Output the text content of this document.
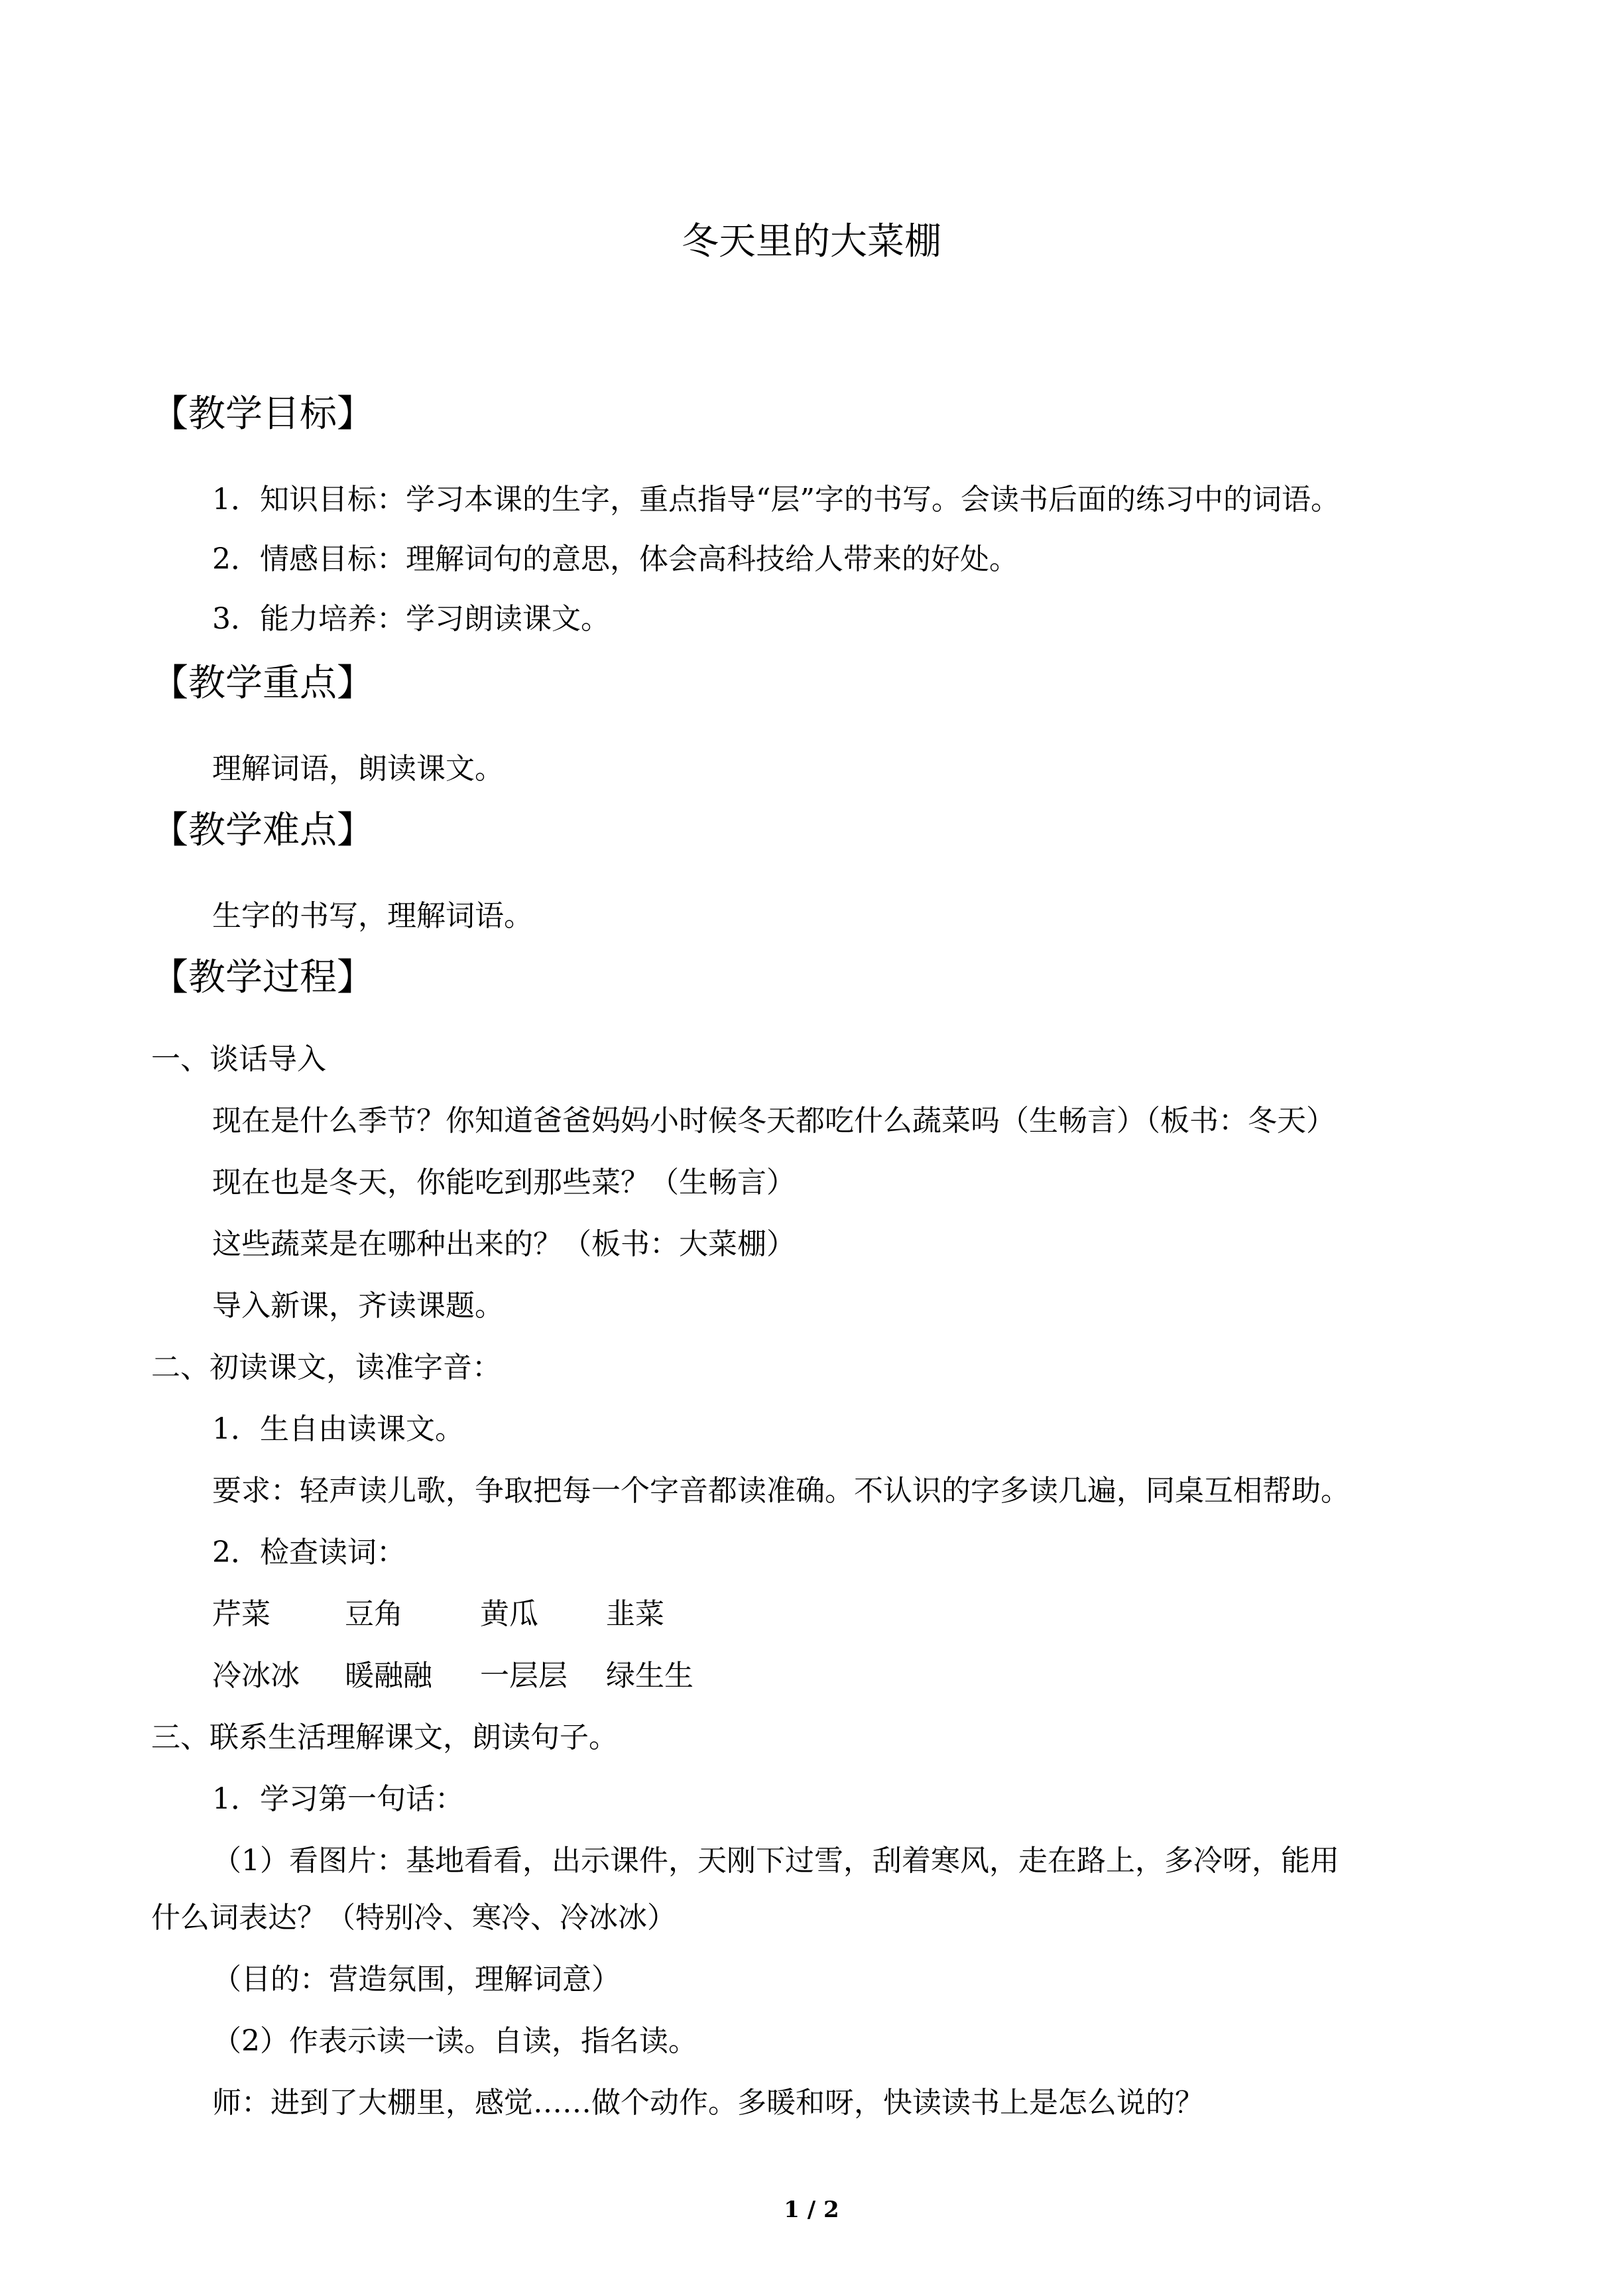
冬天里的大菜棚
【教学目标】
1．知识目标：学习本课的生字，重点指导“层”字的书写。会读书后面的练习中的词语。
2．情感目标：理解词句的意思，体会高科技给人带来的好处。
3．能力培养：学习朗读课文。
【教学重点】
理解词语，朗读课文。
【教学难点】
生字的书写，理解词语。
【教学过程】
一、谈话导入
现在是什么季节？你知道爸爸妈妈小时候冬天都吃什么蔬菜吗（生畅言）（板书：冬天）
现在也是冬天，你能吃到那些菜？（生畅言）
这些蔬菜是在哪种出来的？（板书：大菜棚）
导入新课，齐读课题。
二、初读课文，读准字音：
1．生自由读课文。
要求：轻声读儿歌，争取把每一个字音都读准确。不认识的字多读几遍，同桌互相帮助。
2．检查读词：
芹菜	豆角	黄瓜 韭菜
冷冰冰 暖融融 一层层 绿生生
三、联系生活理解课文，朗读句子。
1．学习第一句话：
（1）看图片：基地看看，出示课件，天刚下过雪，刮着寒风，走在路上，多冷呀，能用
什么词表达？（特别冷、寒冷、冷冰冰）
（目的：营造氛围，理解词意）
（2）作表示读一读。自读，指名读。
师：进到了大棚里，感觉……做个动作。多暖和呀，快读读书上是怎么说的？
1 / 2
